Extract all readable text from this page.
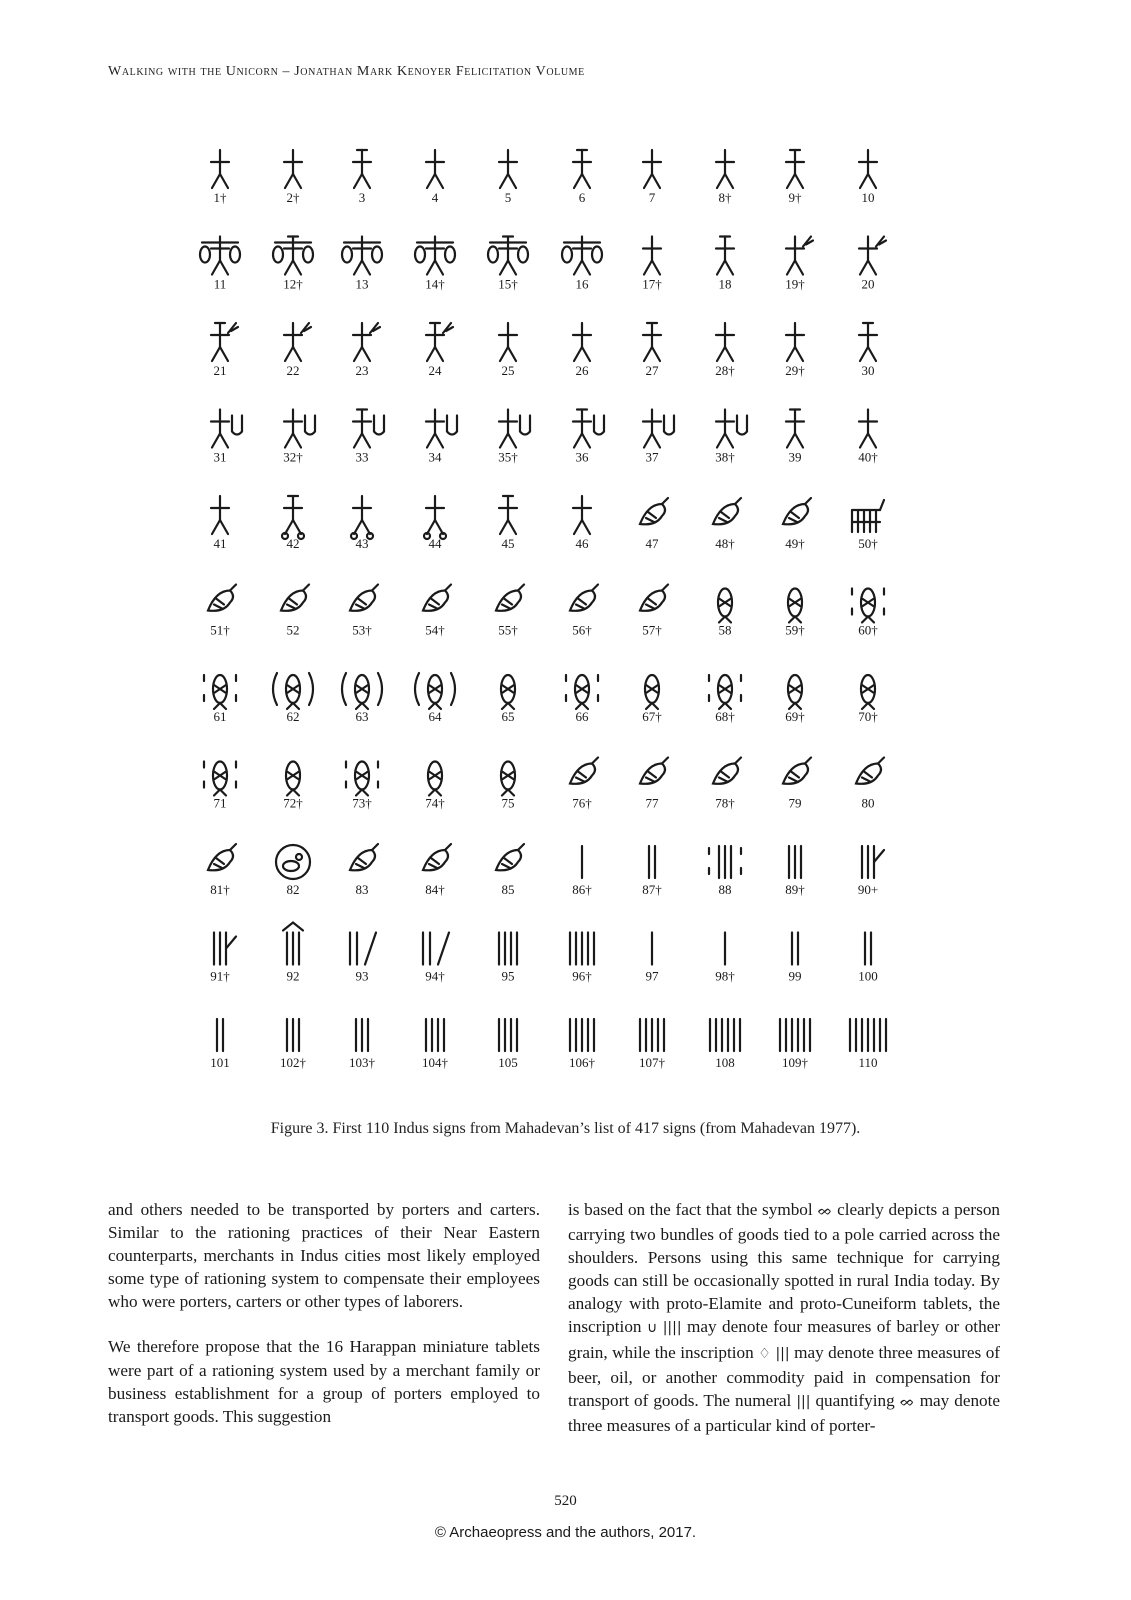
Walking with the Unicorn – Jonathan Mark Kenoyer Felicitation Volume
1†	2†	3	4	5	6	7	8†	9†	10
11	12†	13	14†	15†	16	17†	18	19†	20
21	22	23	24	25	26	27	28†	29†	30
31	32†	33	34	35†	36	37	38†	39	40†
41	42	43	44	45	46	47	48†	49†	50†
51†	52	53†	54†	55†	56†	57†	58	59†	60†
61	62	63	64	65	66	67†	68†	69†	70†
71	72†	73†	74†	75	76†	77	78†	79	80
81†	82	83	84†	85	86†	87†	88	89†	90+
91†	92	93	94†	95	96†	97	98†	99	100
101	102†	103†	104†	105	106†	107†	108	109†	110
Figure 3. First 110 Indus signs from Mahadevan’s list of 417 signs (from Mahadevan 1977).

and others needed to be transported by porters and carters. Similar to the rationing practices of their Near Eastern counterparts, merchants in Indus cities most likely employed some type of rationing system to compensate their employees who were porters, carters or other types of laborers.

We therefore propose that the 16 Harappan miniature tablets were part of a rationing system used by a merchant family or business establishment for a group of porters employed to transport goods. This suggestion

is based on the fact that the symbol ᨖ clearly depicts a person carrying two bundles of goods tied to a pole carried across the shoulders. Persons using this same technique for carrying goods can still be occasionally spotted in rural India today. By analogy with proto-Elamite and proto-Cuneiform tablets, the inscription ∪ |||| may denote four measures of barley or other grain, while the inscription ♢ ||| may denote three measures of beer, oil, or another commodity paid in compensation for transport of goods. The numeral ||| quantifying ᨖ may denote three measures of a particular kind of porter-

520
© Archaeopress and the authors, 2017.
